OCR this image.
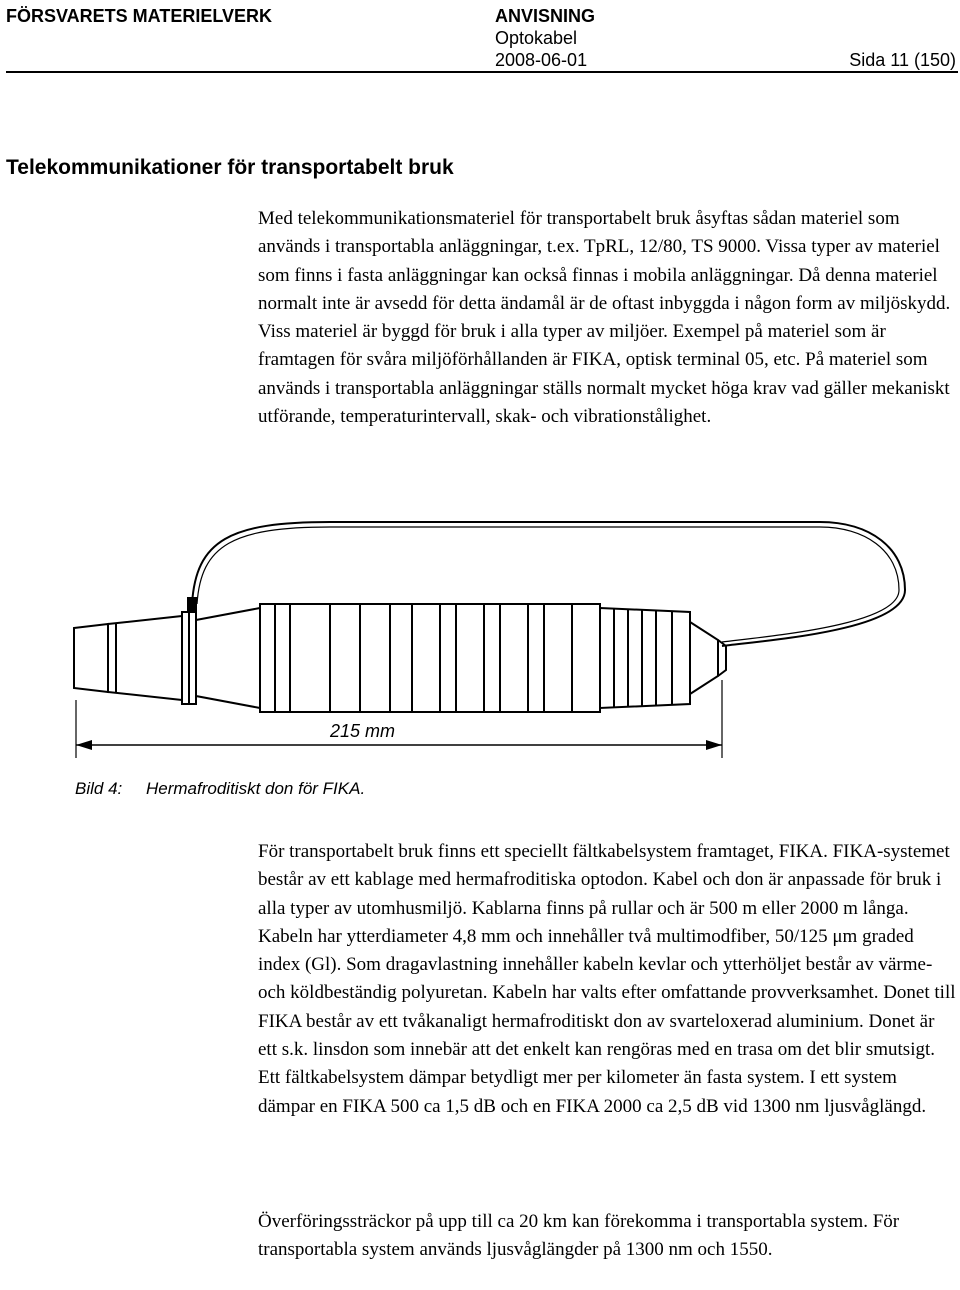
FÖRSVARETS MATERIELVERK	ANVISNING
Optokabel
2008-06-01	Sida 11 (150)
Telekommunikationer för transportabelt bruk

Med telekommunikationsmateriel för transportabelt bruk åsyftas sådan materiel som används i transportabla anläggningar, t.ex. TpRL, 12/80, TS 9000. Vissa typer av materiel som finns i fasta anläggningar kan också finnas i mobila anläggningar. Då denna materiel normalt inte är avsedd för detta ändamål är de oftast inbyggda i någon form av miljöskydd. Viss materiel är byggd för bruk i alla typer av miljöer. Exempel på materiel som är framtagen för svåra miljöförhållanden är FIKA, optisk terminal 05, etc. På materiel som används i transportabla anläggningar ställs normalt mycket höga krav vad gäller mekaniskt utförande, temperaturintervall, skak- och vibrationstålighet.

215 mm
Bild 4: Hermafroditiskt don för FIKA.

För transportabelt bruk finns ett speciellt fältkabelsystem framtaget, FIKA. FIKA-systemet består av ett kablage med hermafroditiska optodon. Kabel och don är anpassade för bruk i alla typer av utomhusmiljö. Kablarna finns på rullar och är 500 m eller 2000 m långa. Kabeln har ytterdiameter 4,8 mm och innehåller två multimodfiber, 50/125 μm graded index (Gl). Som dragavlastning innehåller kabeln kevlar och ytterhöljet består av värme- och köldbeständig polyuretan. Kabeln har valts efter omfattande provverksamhet. Donet till FIKA består av ett tvåkanaligt hermafroditiskt don av svarteloxerad aluminium. Donet är ett s.k. linsdon som innebär att det enkelt kan rengöras med en trasa om det blir smutsigt. Ett fältkabelsystem dämpar betydligt mer per kilometer än fasta system. I ett system dämpar en FIKA 500 ca 1,5 dB och en FIKA 2000 ca 2,5 dB vid 1300 nm ljusvåglängd.

Överföringssträckor på upp till ca 20 km kan förekomma i transportabla system. För transportabla system används ljusvåglängder på 1300 nm och 1550.
